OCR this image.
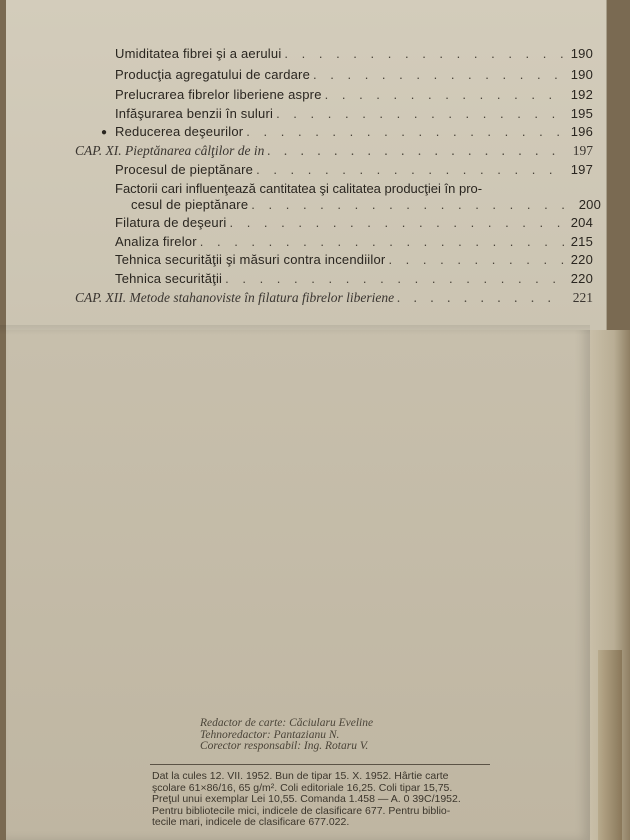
Umiditatea fibrei şi a aerului . . .	190
Producţia agregatului de cardare . . .	190
Prelucrarea fibrelor liberiene aspre . . .	192
Infăşurarea benzii în suluri . . .	195
● Reducerea deşeurilor . . .	196
CAP. XI. Pieptănarea câlţilor de in . . .	197
Procesul de pieptănare . . .	197
Factorii cari influenţează cantitatea şi calitatea producţiei în pro-
cesul de pieptănare . . .	200
Filatura de deşeuri . . .	204
Analiza firelor . . .	215
Tehnica securităţii şi măsuri contra incendiilor . . .	220
Tehnica securităţii . . .	220
CAP. XII. Metode stahanoviste în filatura fibrelor liberiene . . .	221
Redactor de carte: Căciularu Eveline
Tehnoredactor: Pantazianu N.
Corector responsabil: Ing. Rotaru V.
Dat la cules 12. VII. 1952. Bun de tipar 15. X. 1952. Hârtie carte
şcolare 61×86/16, 65 g/m². Coli editoriale 16,25. Coli tipar 15,75.
Preţul unui exemplar Lei 10,55. Comanda 1.458 — A. 0 39C/1952.
Pentru bibliotecile mici, indicele de clasificare 677. Pentru biblio-
tecile mari, indicele de clasificare 677.022.
